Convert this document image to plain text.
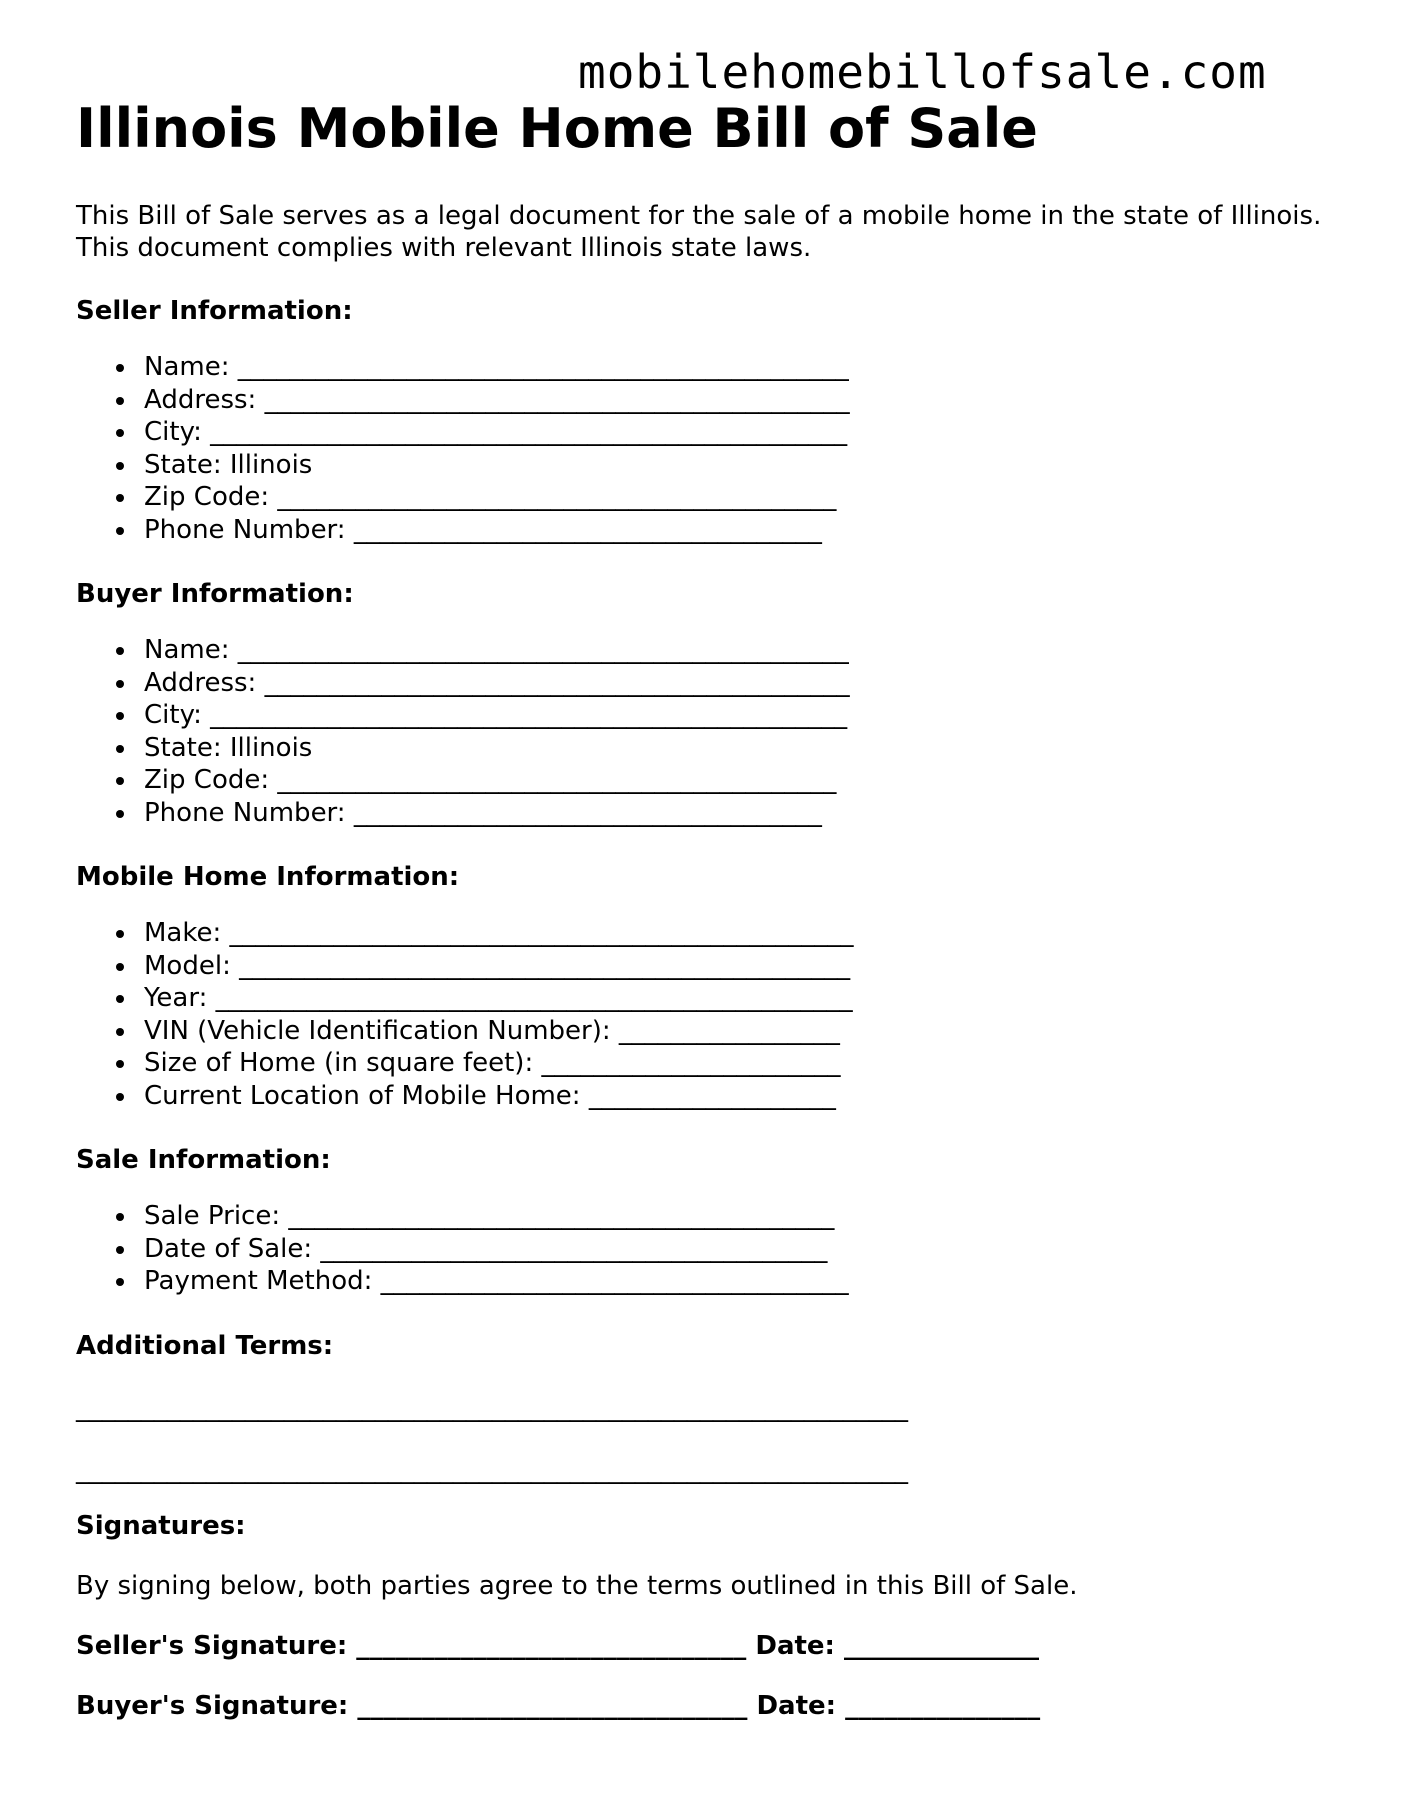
mobilehomebillofsale.com
Illinois Mobile Home Bill of Sale

This Bill of Sale serves as a legal document for the sale of a mobile home in the state of Illinois. This document complies with relevant Illinois state laws.

Seller Information:
Name: _______________________________________________
Address: _____________________________________________
City: _________________________________________________
State: Illinois
Zip Code: ___________________________________________
Phone Number: ____________________________________
Buyer Information:
Name: _______________________________________________
Address: _____________________________________________
City: _________________________________________________
State: Illinois
Zip Code: ___________________________________________
Phone Number: ____________________________________
Mobile Home Information:
Make: ________________________________________________
Model: _______________________________________________
Year: _________________________________________________
VIN (Vehicle Identification Number): _________________
Size of Home (in square feet): _______________________
Current Location of Mobile Home: ___________________
Sale Information:
Sale Price: __________________________________________
Date of Sale: _______________________________________
Payment Method: ____________________________________
Additional Terms:
________________________________________________________________
________________________________________________________________
Signatures:

By signing below, both parties agree to the terms outlined in this Bill of Sale.

Seller's Signature: ______________________________ Date: _______________
Buyer's Signature: ______________________________ Date: _______________
